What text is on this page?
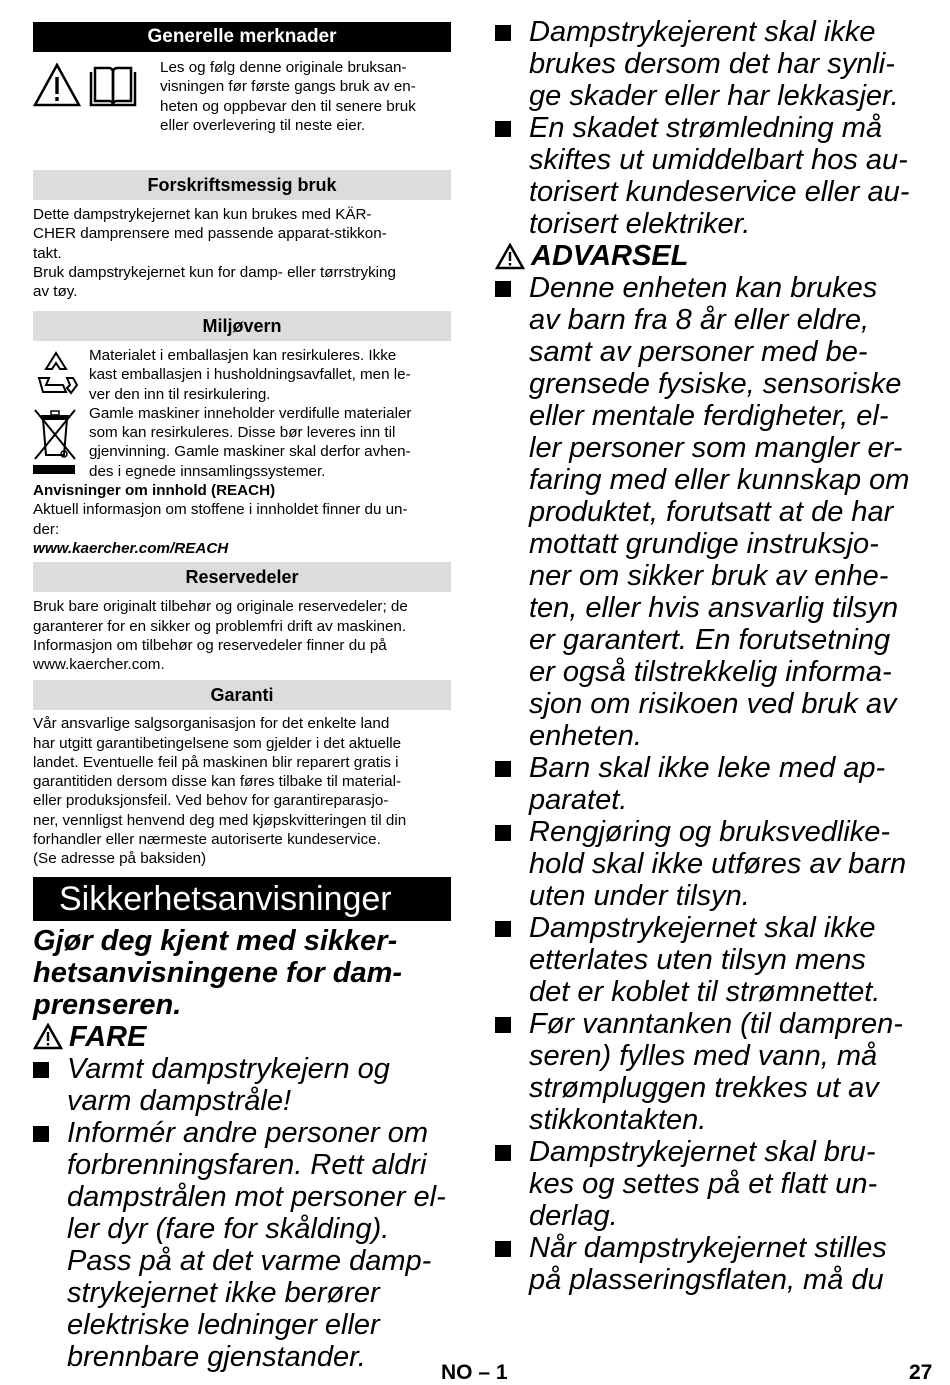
Generelle merknader

Les og følg denne originale bruksan-

visningen før første gangs bruk av en-

heten og oppbevar den til senere bruk

eller overlevering til neste eier.

Forskriftsmessig bruk

Dette dampstrykejernet kan kun brukes med KÄR-

CHER damprensere med passende apparat-stikkon-

takt.

Bruk dampstrykejernet kun for damp- eller tørrstryking

av tøy.

Miljøvern

Materialet i emballasjen kan resirkuleres. Ikke

kast emballasjen i husholdningsavfallet, men le-

ver den inn til resirkulering.

Gamle maskiner inneholder verdifulle materialer

som kan resirkuleres. Disse bør leveres inn til

gjenvinning. Gamle maskiner skal derfor avhen-

des i egnede innsamlingssystemer.

Anvisninger om innhold (REACH)

Aktuell informasjon om stoffene i innholdet finner du un-

der:

www.kaercher.com/REACH

Reservedeler

Bruk bare originalt tilbehør og originale reservedeler; de

garanterer for en sikker og problemfri drift av maskinen.

Informasjon om tilbehør og reservedeler finner du på

www.kaercher.com.

Garanti

Vår ansvarlige salgsorganisasjon for det enkelte land

har utgitt garantibetingelsene som gjelder i det aktuelle

landet. Eventuelle feil på maskinen blir reparert gratis i

garantitiden dersom disse kan føres tilbake til material-

eller produksjonsfeil. Ved behov for garantireparasjo-

ner, vennligst henvend deg med kjøpskvitteringen til din

forhandler eller nærmeste autoriserte kundeservice.

(Se adresse på baksiden)

Sikkerhetsanvisninger
Gjør deg kjent med sikker-
hetsanvisningene for dam-
prenseren.
FARE
Varmt dampstrykejern og
varm dampstråle!
Informér andre personer om
forbrenningsfaren. Rett aldri
dampstrålen mot personer el-
ler dyr (fare for skålding).
Pass på at det varme damp-
strykejernet ikke berører
elektriske ledninger eller
brennbare gjenstander.
Dampstrykejerent skal ikke
brukes dersom det har synli-
ge skader eller har lekkasjer.
En skadet strømledning må
skiftes ut umiddelbart hos au-
torisert kundeservice eller au-
torisert elektriker.
ADVARSEL
Denne enheten kan brukes
av barn fra 8 år eller eldre,
samt av personer med be-
grensede fysiske, sensoriske
eller mentale ferdigheter, el-
ler personer som mangler er-
faring med eller kunnskap om
produktet, forutsatt at de har
mottatt grundige instruksjo-
ner om sikker bruk av enhe-
ten, eller hvis ansvarlig tilsyn
er garantert. En forutsetning
er også tilstrekkelig informa-
sjon om risikoen ved bruk av
enheten.
Barn skal ikke leke med ap-
paratet.
Rengjøring og bruksvedlike-
hold skal ikke utføres av barn
uten under tilsyn.
Dampstrykejernet skal ikke
etterlates uten tilsyn mens
det er koblet til strømnettet.
Før vanntanken (til dampren-
seren) fylles med vann, må
strømpluggen trekkes ut av
stikkontakten.
Dampstrykejernet skal bru-
kes og settes på et flatt un-
derlag.
Når dampstrykejernet stilles
på plasseringsflaten, må du
NO – 1	27
